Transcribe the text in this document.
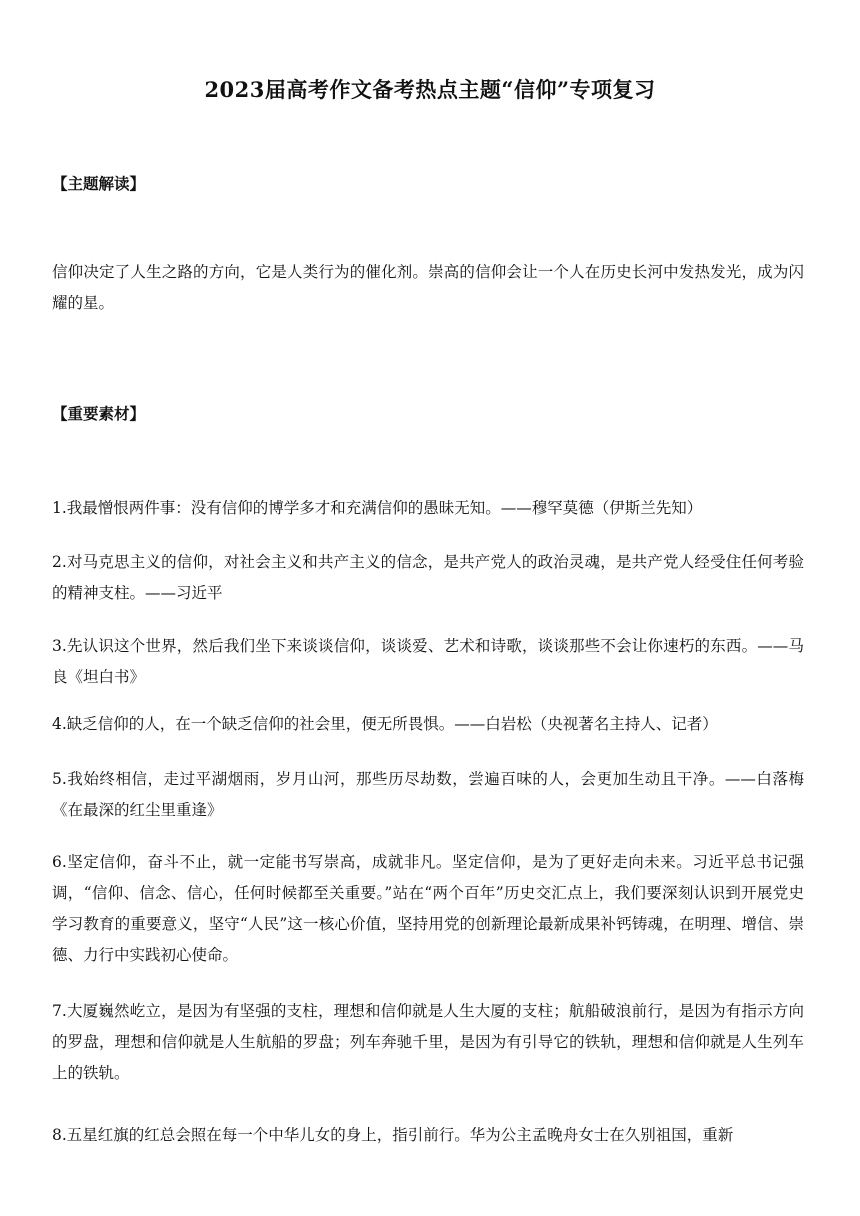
2023届高考作文备考热点主题“信仰”专项复习
【主题解读】
信仰决定了人生之路的方向，它是人类行为的催化剂。崇高的信仰会让一个人在历史长河中发热发光，成为闪耀的星。
【重要素材】
1.我最憎恨两件事：没有信仰的博学多才和充满信仰的愚昧无知。——穆罕莫德（伊斯兰先知）
2.对马克思主义的信仰，对社会主义和共产主义的信念，是共产党人的政治灵魂，是共产党人经受住任何考验的精神支柱。——习近平
3.先认识这个世界，然后我们坐下来谈谈信仰，谈谈爱、艺术和诗歌，谈谈那些不会让你速朽的东西。——马良《坦白书》
4.缺乏信仰的人，在一个缺乏信仰的社会里，便无所畏惧。——白岩松（央视著名主持人、记者）
5.我始终相信，走过平湖烟雨，岁月山河，那些历尽劫数，尝遍百味的人，会更加生动且干净。——白落梅《在最深的红尘里重逢》
6.坚定信仰，奋斗不止，就一定能书写崇高，成就非凡。坚定信仰，是为了更好走向未来。习近平总书记强调，“信仰、信念、信心，任何时候都至关重要。”站在“两个百年”历史交汇点上，我们要深刻认识到开展党史学习教育的重要意义，坚守“人民”这一核心价值，坚持用党的创新理论最新成果补钙铸魂，在明理、增信、崇德、力行中实践初心使命。
7.大厦巍然屹立，是因为有坚强的支柱，理想和信仰就是人生大厦的支柱；航船破浪前行，是因为有指示方向的罗盘，理想和信仰就是人生航船的罗盘；列车奔驰千里，是因为有引导它的铁轨，理想和信仰就是人生列车上的铁轨。
8.五星红旗的红总会照在每一个中华儿女的身上，指引前行。华为公主孟晚舟女士在久别祖国，重新
